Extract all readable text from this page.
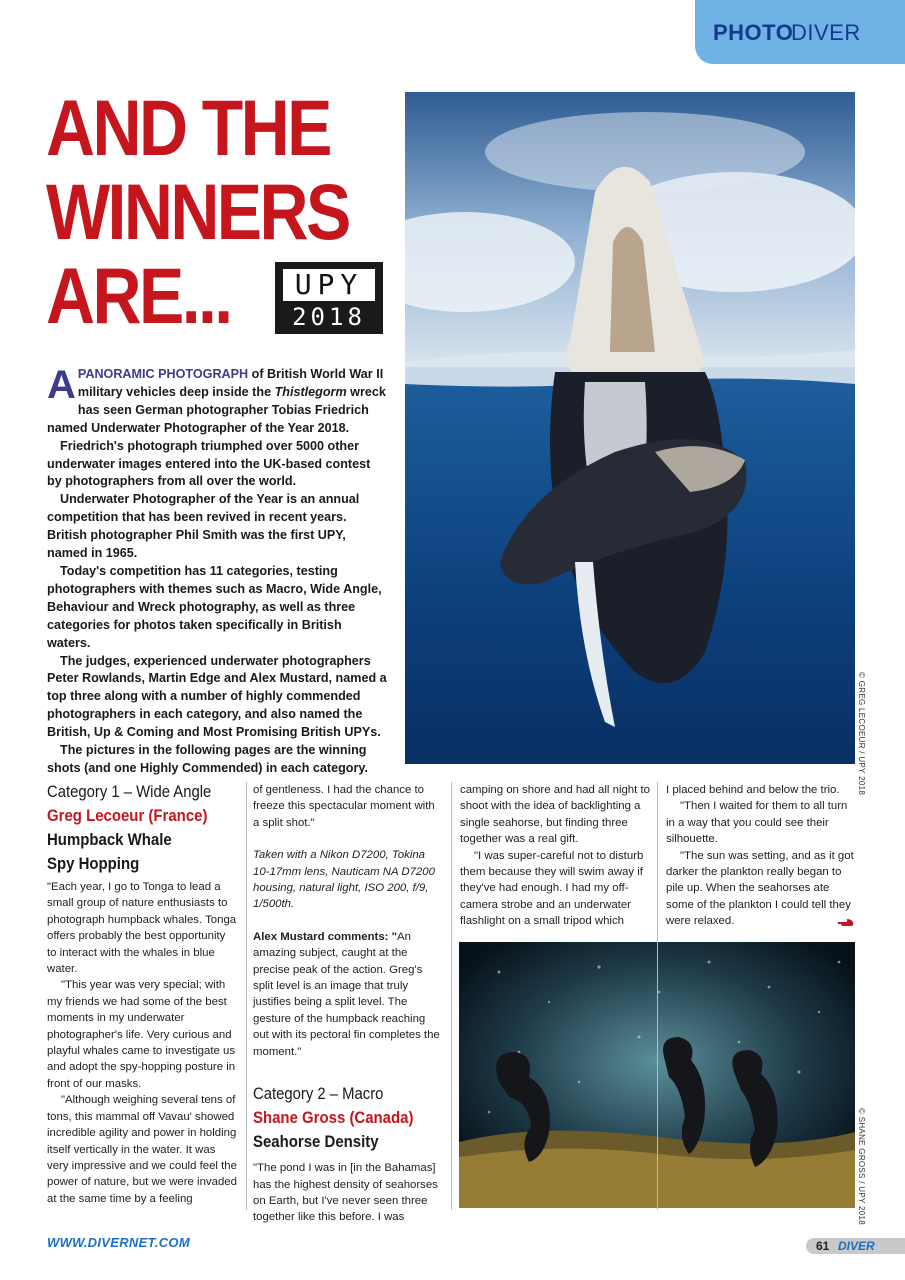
PHOTO
DIVER
AND THE
WINNERS
ARE...	UPY
2018

APANORAMIC PHOTOGRAPH of British World War II military vehicles deep inside the Thistlegorm wreck has seen German photographer Tobias Friedrich named Underwater Photographer of the Year 2018.

Friedrich's photograph triumphed over 5000 other underwater images entered into the UK-based contest by photographers from all over the world.

Underwater Photographer of the Year is an annual competition that has been revived in recent years. British photographer Phil Smith was the first UPY, named in 1965.

Today's competition has 11 categories, testing photographers with themes such as Macro, Wide Angle, Behaviour and Wreck photography, as well as three categories for photos taken specifically in British waters.

The judges, experienced underwater photographers Peter Rowlands, Martin Edge and Alex Mustard, named a top three along with a number of highly commended photographers in each category, and also named the British, Up & Coming and Most Promising British UPYs.

The pictures in the following pages are the winning shots (and one Highly Commended) in each category.	© GREG LECOEUR / UPY 2018
© SHANE GROSS / UPY 2018
Category 1 – Wide Angle
Greg Lecoeur (France)
Humpback Whale
Spy Hopping

"Each year, I go to Tonga to lead a small group of nature enthusiasts to photograph humpback whales. Tonga offers probably the best opportunity to interact with the whales in blue water.

"This year was very special; with my friends we had some of the best moments in my underwater photographer's life. Very curious and playful whales came to investigate us and adopt the spy-hopping posture in front of our masks.

"Although weighing several tens of tons, this mammal off Vavau' showed incredible agility and power in holding itself vertically in the water. It was very impressive and we could feel the power of nature, but we were invaded at the same time by a feeling

of gentleness. I had the chance to freeze this spectacular moment with a split shot."

Taken with a Nikon D7200, Tokina 10-17mm lens, Nauticam NA D7200 housing, natural light, ISO 200, f/9, 1/500th.

Alex Mustard comments: "An amazing subject, caught at the precise peak of the action. Greg's split level is an image that truly justifies being a split level. The gesture of the humpback reaching out with its pectoral fin completes the moment."

Category 2 – Macro
Shane Gross (Canada)
Seahorse Density

"The pond I was in [in the Bahamas] has the highest density of seahorses on Earth, but I've never seen three together like this before. I was

camping on shore and had all night to shoot with the idea of backlighting a single seahorse, but finding three together was a real gift.

"I was super-careful not to disturb them because they will swim away if they've had enough. I had my off-camera strobe and an underwater flashlight on a small tripod which

I placed behind and below the trio.

"Then I waited for them to all turn in a way that you could see their silhouette.

"The sun was setting, and as it got darker the plankton really began to pile up. When the seahorses ate some of the plankton I could tell they were relaxed.

WWW.DIVERNET.COM	61 DIVER
